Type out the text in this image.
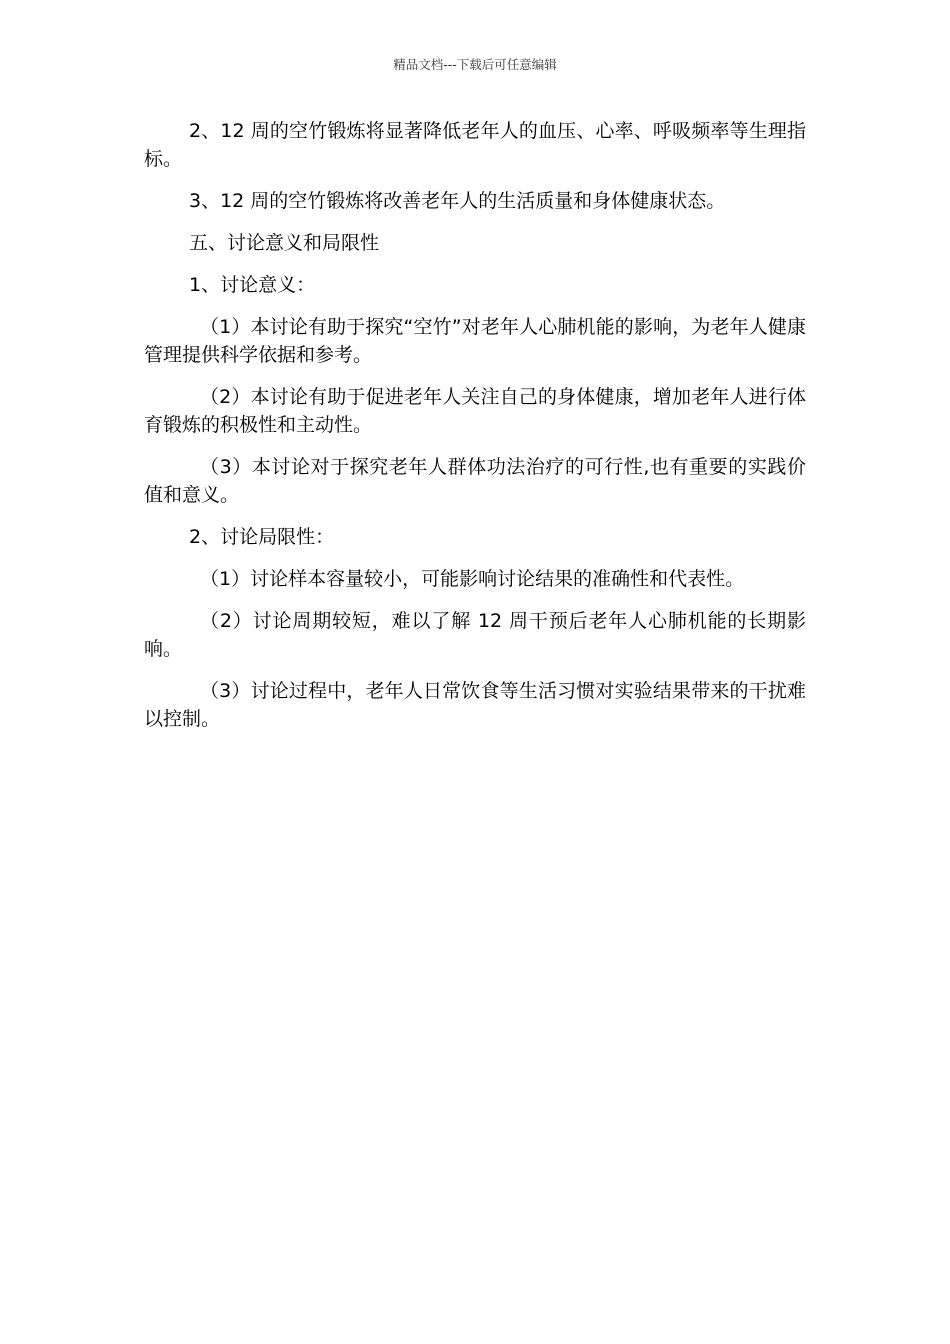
精品文档---下载后可任意编辑

2、12 周的空竹锻炼将显著降低老年人的血压、心率、呼吸频率等生理指标。

3、12 周的空竹锻炼将改善老年人的生活质量和身体健康状态。

五、讨论意义和局限性

1、讨论意义：

（1）本讨论有助于探究“空竹”对老年人心肺机能的影响，为老年人健康管理提供科学依据和参考。

（2）本讨论有助于促进老年人关注自己的身体健康，增加老年人进行体育锻炼的积极性和主动性。

（3）本讨论对于探究老年人群体功法治疗的可行性,也有重要的实践价值和意义。

2、讨论局限性：

（1）讨论样本容量较小，可能影响讨论结果的准确性和代表性。

（2）讨论周期较短，难以了解 12 周干预后老年人心肺机能的长期影响。

（3）讨论过程中，老年人日常饮食等生活习惯对实验结果带来的干扰难以控制。
